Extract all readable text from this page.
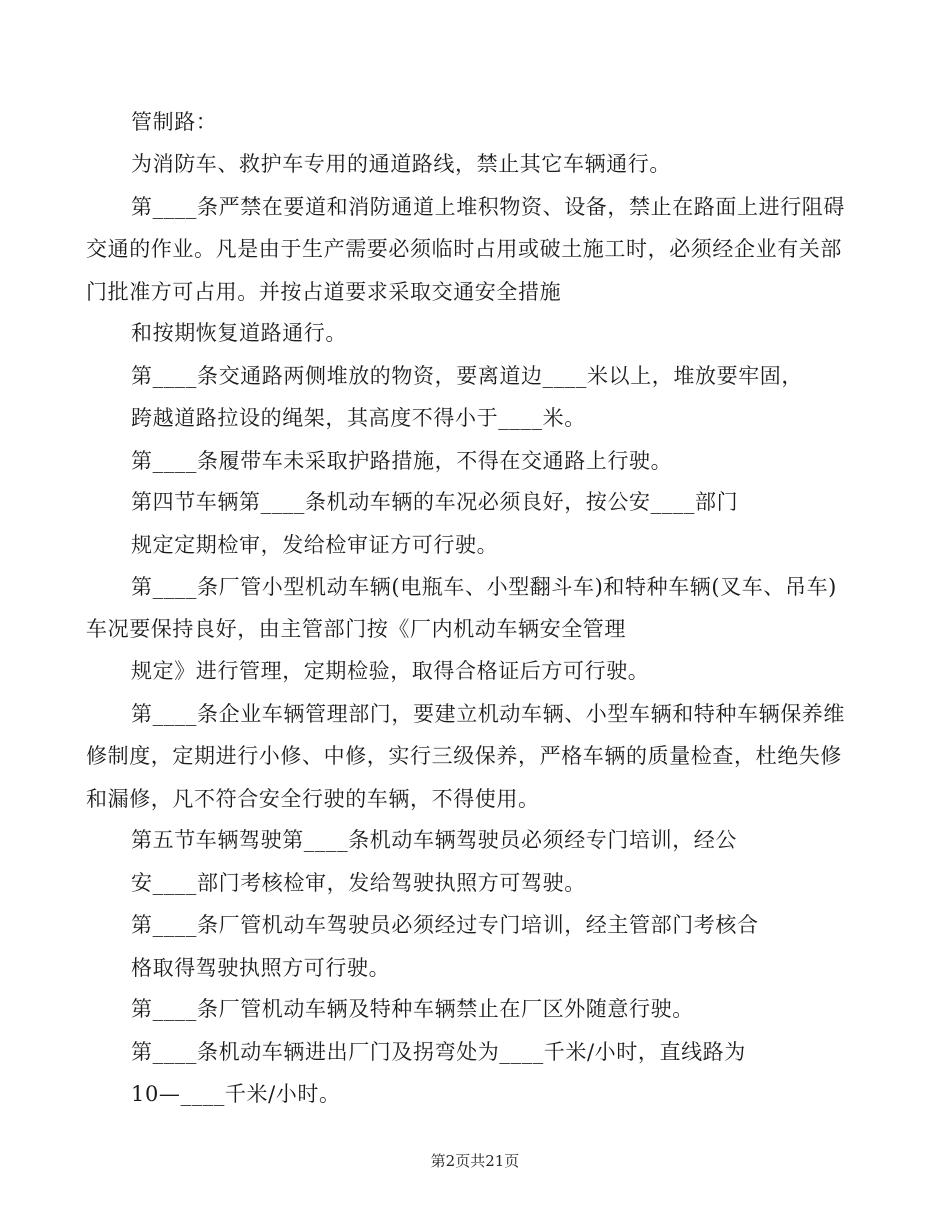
管制路：
为消防车、救护车专用的通道路线，禁止其它车辆通行。
第____条严禁在要道和消防通道上堆积物资、设备，禁止在路面上进行阻碍
交通的作业。凡是由于生产需要必须临时占用或破土施工时，必须经企业有关部
门批准方可占用。并按占道要求采取交通安全措施
和按期恢复道路通行。
第____条交通路两侧堆放的物资，要离道边____米以上，堆放要牢固，
跨越道路拉设的绳架，其高度不得小于____米。
第____条履带车未采取护路措施，不得在交通路上行驶。
第四节车辆第____条机动车辆的车况必须良好，按公安____部门
规定定期检审，发给检审证方可行驶。
第____条厂管小型机动车辆(电瓶车、小型翻斗车)和特种车辆(叉车、吊车)
车况要保持良好，由主管部门按《厂内机动车辆安全管理
规定》进行管理，定期检验，取得合格证后方可行驶。
第____条企业车辆管理部门，要建立机动车辆、小型车辆和特种车辆保养维
修制度，定期进行小修、中修，实行三级保养，严格车辆的质量检查，杜绝失修
和漏修，凡不符合安全行驶的车辆，不得使用。
第五节车辆驾驶第____条机动车辆驾驶员必须经专门培训，经公
安____部门考核检审，发给驾驶执照方可驾驶。
第____条厂管机动车驾驶员必须经过专门培训，经主管部门考核合
格取得驾驶执照方可行驶。
第____条厂管机动车辆及特种车辆禁止在厂区外随意行驶。
第____条机动车辆进出厂门及拐弯处为____千米/小时，直线路为
10—____千米/小时。
第2页共21页
